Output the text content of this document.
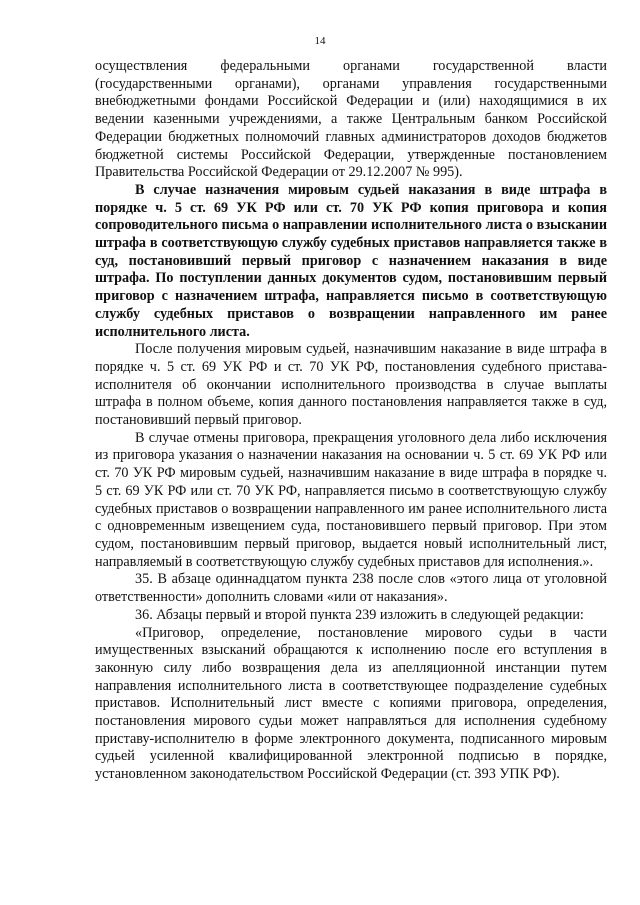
14

осуществления федеральными органами государственной власти (государственными органами), органами управления государственными внебюджетными фондами Российской Федерации и (или) находящимися в их ведении казенными учреждениями, а также Центральным банком Российской Федерации бюджетных полномочий главных администраторов доходов бюджетов бюджетной системы Российской Федерации, утвержденные постановлением Правительства Российской Федерации от 29.12.2007 № 995).

В случае назначения мировым судьей наказания в виде штрафа в порядке ч. 5 ст. 69 УК РФ или ст. 70 УК РФ копия приговора и копия сопроводительного письма о направлении исполнительного листа о взыскании штрафа в соответствующую службу судебных приставов направляется также в суд, постановивший первый приговор с назначением наказания в виде штрафа. По поступлении данных документов судом, постановившим первый приговор с назначением штрафа, направляется письмо в соответствующую службу судебных приставов о возвращении направленного им ранее исполнительного листа.

После получения мировым судьей, назначившим наказание в виде штрафа в порядке ч. 5 ст. 69 УК РФ и ст. 70 УК РФ, постановления судебного пристава-исполнителя об окончании исполнительного производства в случае выплаты штрафа в полном объеме, копия данного постановления направляется также в суд, постановивший первый приговор.

В случае отмены приговора, прекращения уголовного дела либо исключения из приговора указания о назначении наказания на основании ч. 5 ст. 69 УК РФ или ст. 70 УК РФ мировым судьей, назначившим наказание в виде штрафа в порядке ч. 5 ст. 69 УК РФ или ст. 70 УК РФ, направляется письмо в соответствующую службу судебных приставов о возвращении направленного им ранее исполнительного листа с одновременным извещением суда, постановившего первый приговор. При этом судом, постановившим первый приговор, выдается новый исполнительный лист, направляемый в соответствующую службу судебных приставов для исполнения.».

35. В абзаце одиннадцатом пункта 238 после слов «этого лица от уголовной ответственности» дополнить словами «или от наказания».

36. Абзацы первый и второй пункта 239 изложить в следующей редакции:

«Приговор, определение, постановление мирового судьи в части имущественных взысканий обращаются к исполнению после его вступления в законную силу либо возвращения дела из апелляционной инстанции путем направления исполнительного листа в соответствующее подразделение судебных приставов. Исполнительный лист вместе с копиями приговора, определения, постановления мирового судьи может направляться для исполнения судебному приставу-исполнителю в форме электронного документа, подписанного мировым судьей усиленной квалифицированной электронной подписью в порядке, установленном законодательством Российской Федерации (ст. 393 УПК РФ).
